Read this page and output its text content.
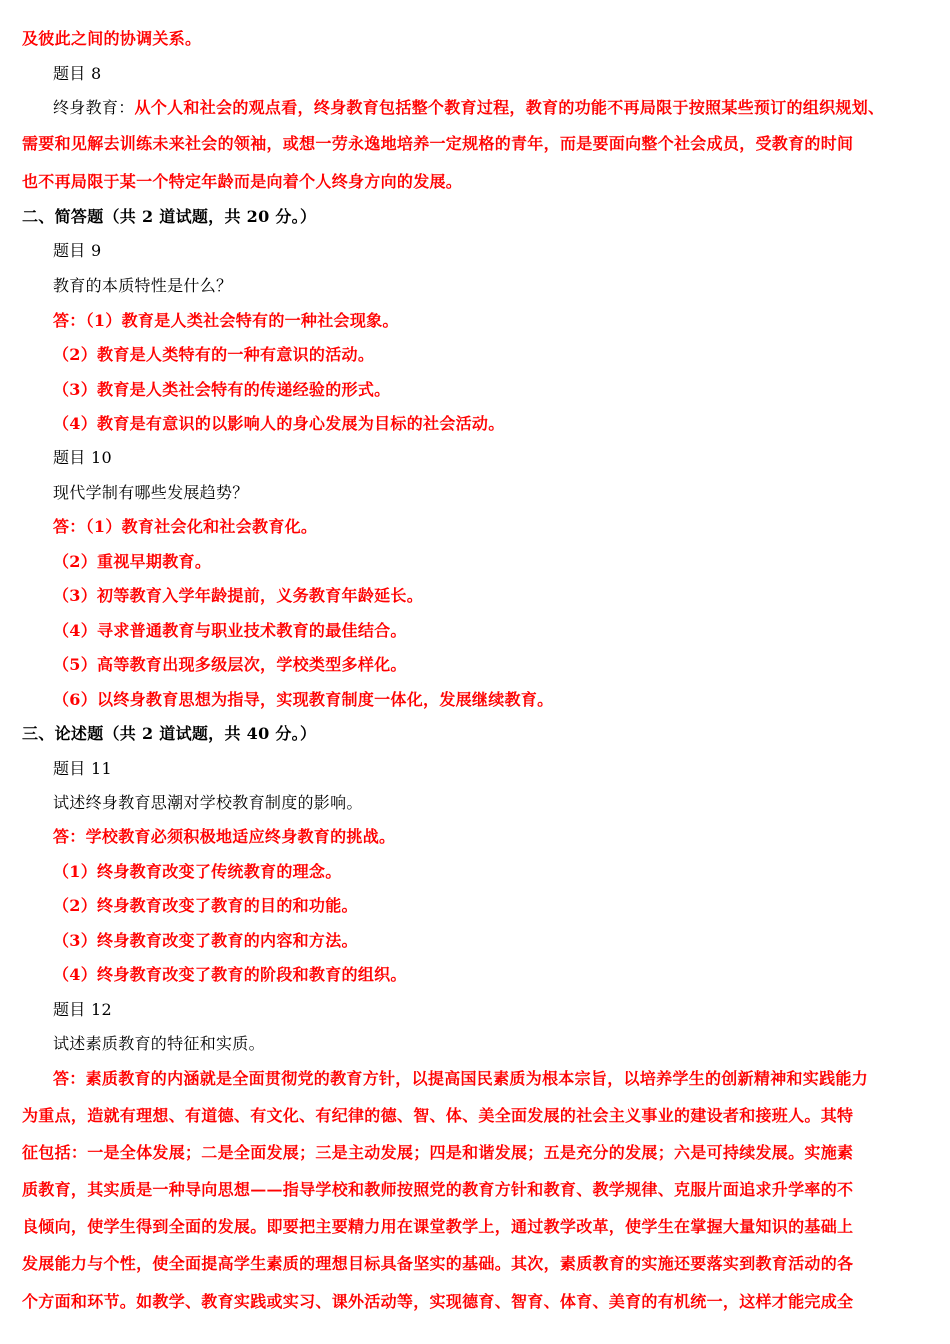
及彼此之间的协调关系。
题目 8
终身教育：从个人和社会的观点看，终身教育包括整个教育过程，教育的功能不再局限于按照某些预订的组织规划、
需要和见解去训练未来社会的领袖，或想一劳永逸地培养一定规格的青年，而是要面向整个社会成员，受教育的时间
也不再局限于某一个特定年龄而是向着个人终身方向的发展。
二、简答题（共 2 道试题，共 20 分。）
题目 9
教育的本质特性是什么？
答：（1）教育是人类社会特有的一种社会现象。
（2）教育是人类特有的一种有意识的活动。
（3）教育是人类社会特有的传递经验的形式。
（4）教育是有意识的以影响人的身心发展为目标的社会活动。
题目 10
现代学制有哪些发展趋势？
答：（1）教育社会化和社会教育化。
（2）重视早期教育。
（3）初等教育入学年龄提前，义务教育年龄延长。
（4）寻求普通教育与职业技术教育的最佳结合。
（5）高等教育出现多级层次，学校类型多样化。
（6）以终身教育思想为指导，实现教育制度一体化，发展继续教育。
三、论述题（共 2 道试题，共 40 分。）
题目 11
试述终身教育思潮对学校教育制度的影响。
答：学校教育必须积极地适应终身教育的挑战。
（1）终身教育改变了传统教育的理念。
（2）终身教育改变了教育的目的和功能。
（3）终身教育改变了教育的内容和方法。
（4）终身教育改变了教育的阶段和教育的组织。
题目 12
试述素质教育的特征和实质。
答：素质教育的内涵就是全面贯彻党的教育方针，以提高国民素质为根本宗旨，以培养学生的创新精神和实践能力
为重点，造就有理想、有道德、有文化、有纪律的德、智、体、美全面发展的社会主义事业的建设者和接班人。其特
征包括：一是全体发展；二是全面发展；三是主动发展；四是和谐发展；五是充分的发展；六是可持续发展。实施素
质教育，其实质是一种导向思想——指导学校和教师按照党的教育方针和教育、教学规律、克服片面追求升学率的不
良倾向，使学生得到全面的发展。即要把主要精力用在课堂教学上，通过教学改革，使学生在掌握大量知识的基础上
发展能力与个性，使全面提高学生素质的理想目标具备坚实的基础。其次，素质教育的实施还要落实到教育活动的各
个方面和环节。如教学、教育实践或实习、课外活动等，实现德育、智育、体育、美育的有机统一，这样才能完成全
